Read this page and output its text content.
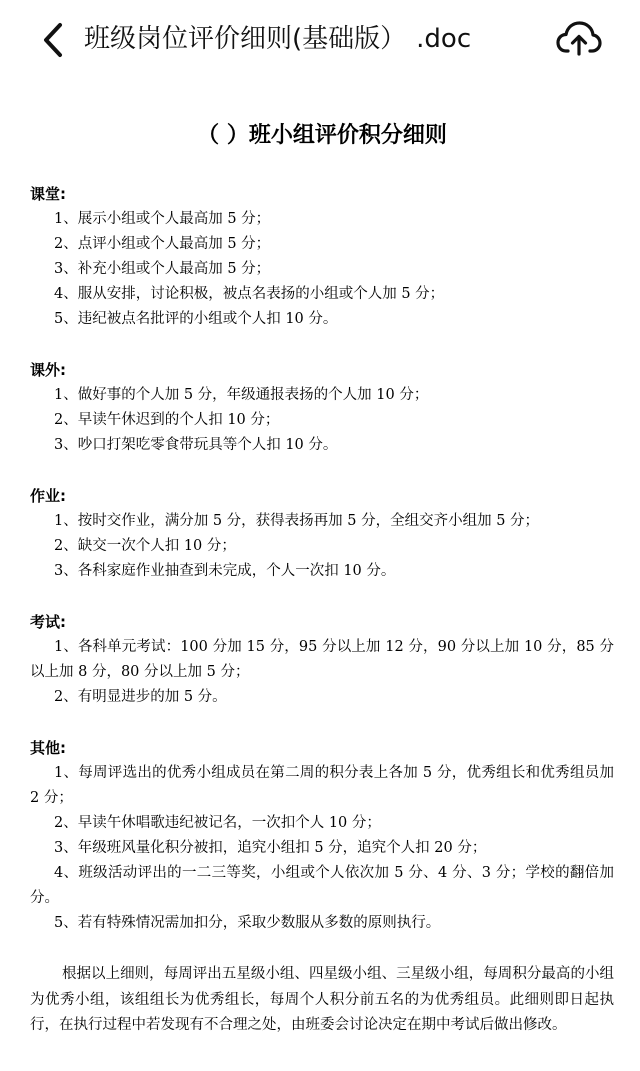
班级岗位评价细则(基础版） .doc
（ ）班小组评价积分细则
课堂:
1、展示小组或个人最高加 5 分；
2、点评小组或个人最高加 5 分；
3、补充小组或个人最高加 5 分；
4、服从安排，讨论积极，被点名表扬的小组或个人加 5 分；
5、违纪被点名批评的小组或个人扣 10 分。
课外:
1、做好事的个人加 5 分，年级通报表扬的个人加 10 分；
2、早读午休迟到的个人扣 10 分；
3、吵口打架吃零食带玩具等个人扣 10 分。
作业:
1、按时交作业，满分加 5 分，获得表扬再加 5 分，全组交齐小组加 5 分；
2、缺交一次个人扣 10 分；
3、各科家庭作业抽查到未完成，个人一次扣 10 分。
考试:
1、各科单元考试：100 分加 15 分，95 分以上加 12 分，90 分以上加 10 分，85 分以上加 8 分，80 分以上加 5 分；
2、有明显进步的加 5 分。
其他:
1、每周评选出的优秀小组成员在第二周的积分表上各加 5 分，优秀组长和优秀组员加 2 分；
2、早读午休唱歌违纪被记名，一次扣个人 10 分；
3、年级班风量化积分被扣，追究小组扣 5 分，追究个人扣 20 分；
4、班级活动评出的一二三等奖，小组或个人依次加 5 分、4 分、3 分；学校的翻倍加分。
5、若有特殊情况需加扣分，采取少数服从多数的原则执行。
根据以上细则，每周评出五星级小组、四星级小组、三星级小组，每周积分最高的小组为优秀小组，该组组长为优秀组长，每周个人积分前五名的为优秀组员。此细则即日起执行，在执行过程中若发现有不合理之处，由班委会讨论决定在期中考试后做出修改。
